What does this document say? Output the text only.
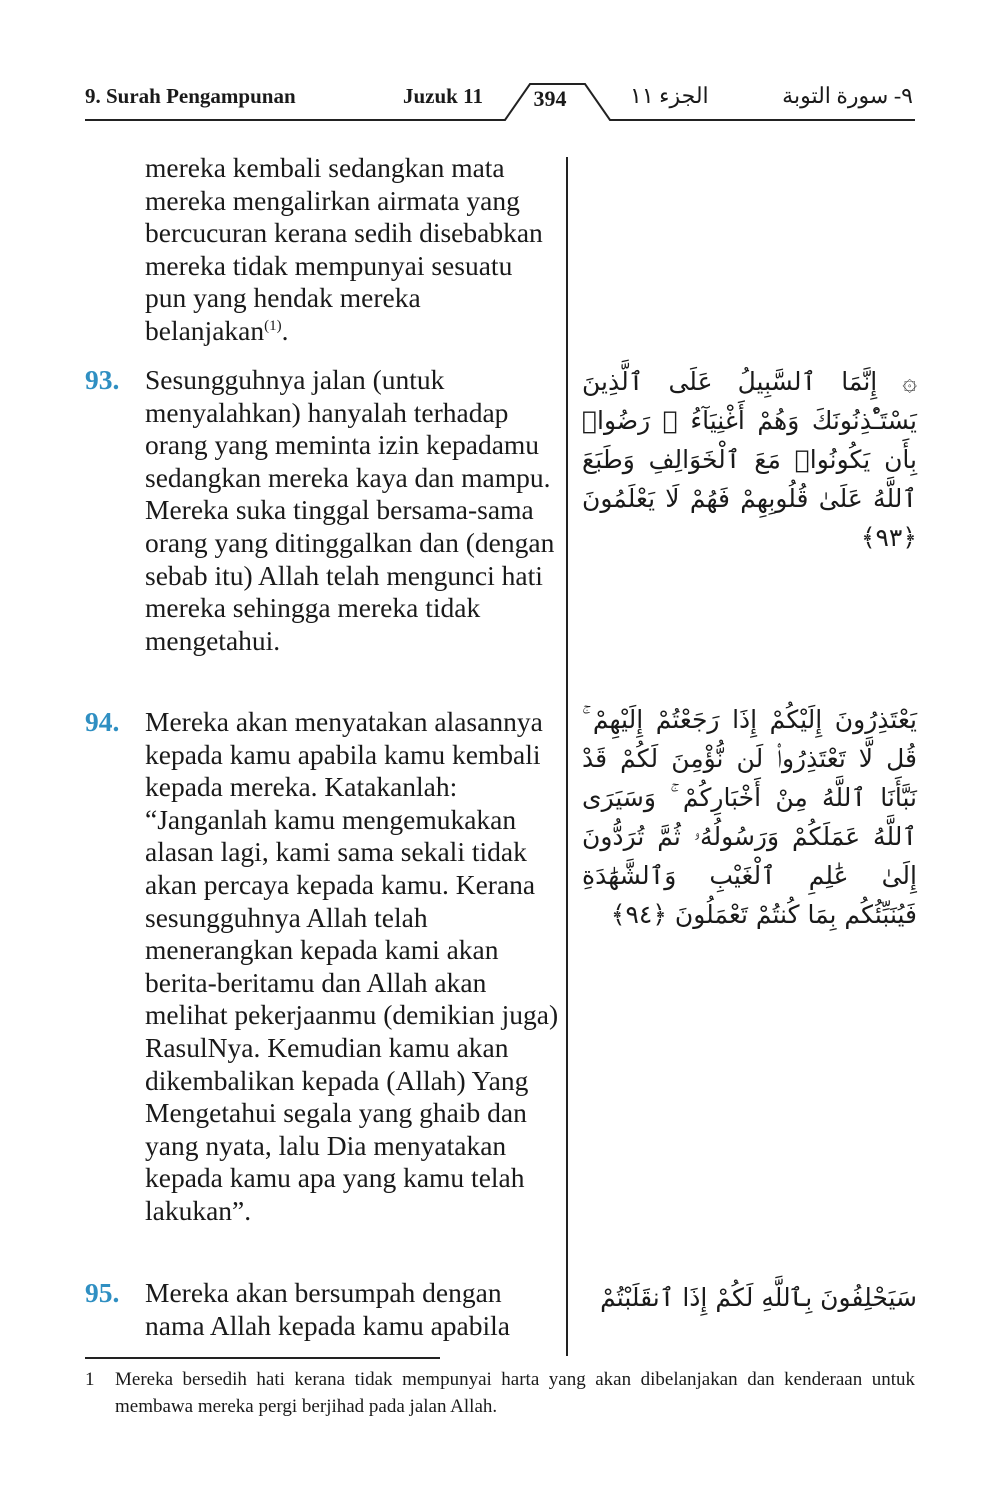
9. Surah Pengampunan	Juzuk 11	394	الجزء ١١	٩- سورة التوبة

mereka kembali sedangkan mata mereka mengalirkan airmata yang bercucuran kerana sedih disebabkan mereka tidak mempunyai sesuatu pun yang hendak mereka belanjakan$^{(1)}$.

93. Sesungguhnya jalan (untuk menyalahkan) hanyalah terhadap orang yang meminta izin kepadamu sedangkan mereka kaya dan mampu. Mereka suka tinggal bersama-sama orang yang ditinggalkan dan (dengan sebab itu) Allah telah mengunci hati mereka sehingga mereka tidak mengetahui.

94. Mereka akan menyatakan alasannya kepada kamu apabila kamu kembali kepada mereka. Katakanlah: “Janganlah kamu mengemukakan alasan lagi, kami sama sekali tidak akan percaya kepada kamu. Kerana sesungguhnya Allah telah menerangkan kepada kami akan berita-beritamu dan Allah akan melihat pekerjaanmu (demikian juga) RasulNya. Kemudian kamu akan dikembalikan kepada (Allah) Yang Mengetahui segala yang ghaib dan yang nyata, lalu Dia menyatakan kepada kamu apa yang kamu telah lakukan”.

95. Mereka akan bersumpah dengan nama Allah kepada kamu apabila

۞ إِنَّمَا ٱلسَّبِيلُ عَلَى ٱلَّذِينَ يَسْتَـْٔذِنُونَكَ وَهُمْ أَغْنِيَآءُ ۚ رَضُوا۟ بِأَن يَكُونُوا۟ مَعَ ٱلْخَوَالِفِ وَطَبَعَ ٱللَّهُ عَلَىٰ قُلُوبِهِمْ فَهُمْ لَا يَعْلَمُونَ ﴿٩٣﴾
يَعْتَذِرُونَ إِلَيْكُمْ إِذَا رَجَعْتُمْ إِلَيْهِمْ ۚ قُل لَّا تَعْتَذِرُوا۟ لَن نُّؤْمِنَ لَكُمْ قَدْ نَبَّأَنَا ٱللَّهُ مِنْ أَخْبَارِكُمْ ۚ وَسَيَرَى ٱللَّهُ عَمَلَكُمْ وَرَسُولُهُۥ ثُمَّ تُرَدُّونَ إِلَىٰ عَٰلِمِ ٱلْغَيْبِ وَٱلشَّهَٰدَةِ فَيُنَبِّئُكُم بِمَا كُنتُمْ تَعْمَلُونَ ﴿٩٤﴾
سَيَحْلِفُونَ بِٱللَّهِ لَكُمْ إِذَا ٱنقَلَبْتُمْ
1 Mereka bersedih hati kerana tidak mempunyai harta yang akan dibelanjakan dan kenderaan untuk membawa mereka pergi berjihad pada jalan Allah.
